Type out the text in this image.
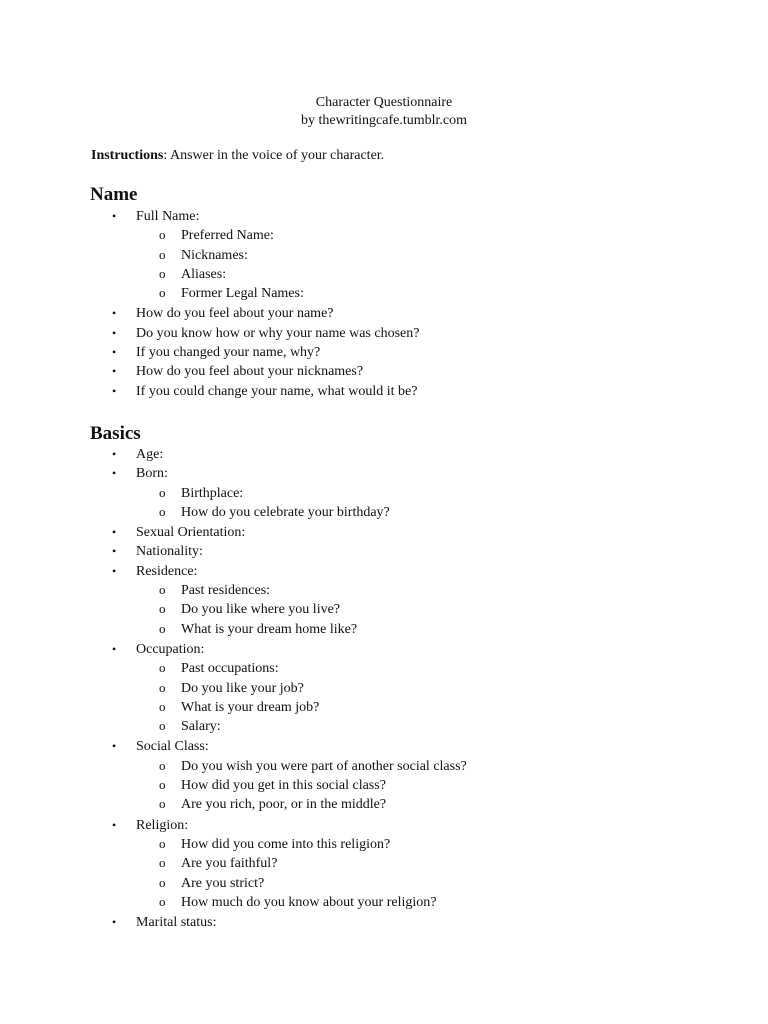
Character Questionnaire
by thewritingcafe.tumblr.com
Instructions: Answer in the voice of your character.
Name
• Full Name:
o Preferred Name:
o Nicknames:
o Aliases:
o Former Legal Names:
• How do you feel about your name?
• Do you know how or why your name was chosen?
• If you changed your name, why?
• How do you feel about your nicknames?
• If you could change your name, what would it be?
Basics
• Age:
• Born:
o Birthplace:
o How do you celebrate your birthday?
• Sexual Orientation:
• Nationality:
• Residence:
o Past residences:
o Do you like where you live?
o What is your dream home like?
• Occupation:
o Past occupations:
o Do you like your job?
o What is your dream job?
o Salary:
• Social Class:
o Do you wish you were part of another social class?
o How did you get in this social class?
o Are you rich, poor, or in the middle?
• Religion:
o How did you come into this religion?
o Are you faithful?
o Are you strict?
o How much do you know about your religion?
• Marital status:
